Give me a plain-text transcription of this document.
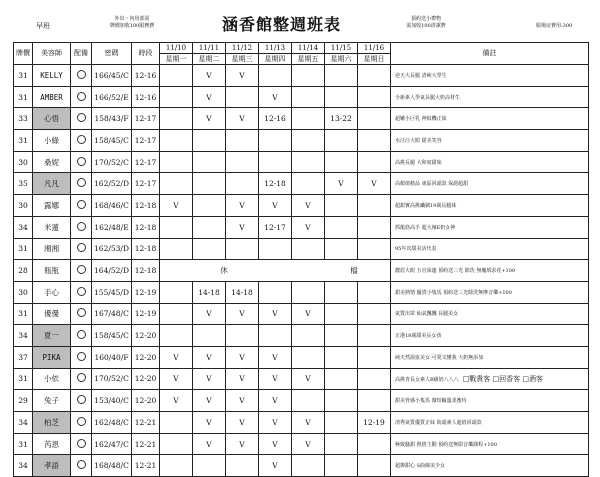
早班
外出・內用部需
牌價加收100服務費	涵香館整週班表	預約送小禮物
需加收100清潔費	服場房費用:300
牌價	美容師	配備	密碼	時段	11/10	11/11	11/12	11/13	11/14	11/15	11/16	備註
					星期一	星期二	星期三	星期四	星期五	星期六	星期日	
31	KELLY		166/45/C	12-16		V	V					逆天大長腿 清純大學生
31	AMBER		166/52/E	12-16		V		V				全新素人學氣長腿大奶高材生
33	心悟		158/43/F	12-17		V	V	12-16		13-22		超嫩小巨乳 神似機正妹
31	小綠		158/45/C	12-17								水汪汪大眼 甜美笑容
30	桑妮		170/52/C	12-17								高挑長腿 大和度甜妹
35	凡凡		162/52/D	12-17				12-18		V	V	高顏值精品 東區回頭款 保證超甜
30	露娜		168/46/C	12-18	V		V	V	V			超甜實高挑纖細19歲長腿妹
34	米蓮		162/48/E	12-18			V	12-17	V			抓龍筋高手 超大辣E奶女神
31	湘湘		162/53/D	12-18								95年次甜美活代表
28	瓶瓶		164/52/D	12-18	休 檔							濃眉大眼 五官深邃 預約送三光 除洗 無魔填求花+100
30	手心		155/45/D	12-19		14-18	14-18					甜美熱情 騷貨小隻馬 預約送三光除洗無摩音樂+100
31	優優		167/48/C	12-19		V	V	V	V			氣質出眾 仙氣飄飄 長腿美女
34	夏一		158/45/C	12-20								正港18歲甜美長女孩
37	PIKA		160/40/F	12-20	V	V	V	V				純天然混血美女 可愛又懂我 大奶無添加
31	小依		170/52/C	12-20	V	V	V	V	V			高挑青長女素人B級奶八八八 □戰貴客 □回香客 □酒客
29	兔子		153/40/C	12-20	V	V	V	V				甜美骨感小隻馬 微短輪溫柔蜜侍
34	柏芝		162/48/C	12-21		V	V	V	V		12-19	清秀氣質優質正妹 街頭素人超值回頭款
31	芮恩		162/47/C	12-21		V	V	V	V			極致騷甜 熱情主動 預約送無限音樂課程+100
34	孝語		168/48/C	12-21				V				超撩甜心 S曲線美少女
